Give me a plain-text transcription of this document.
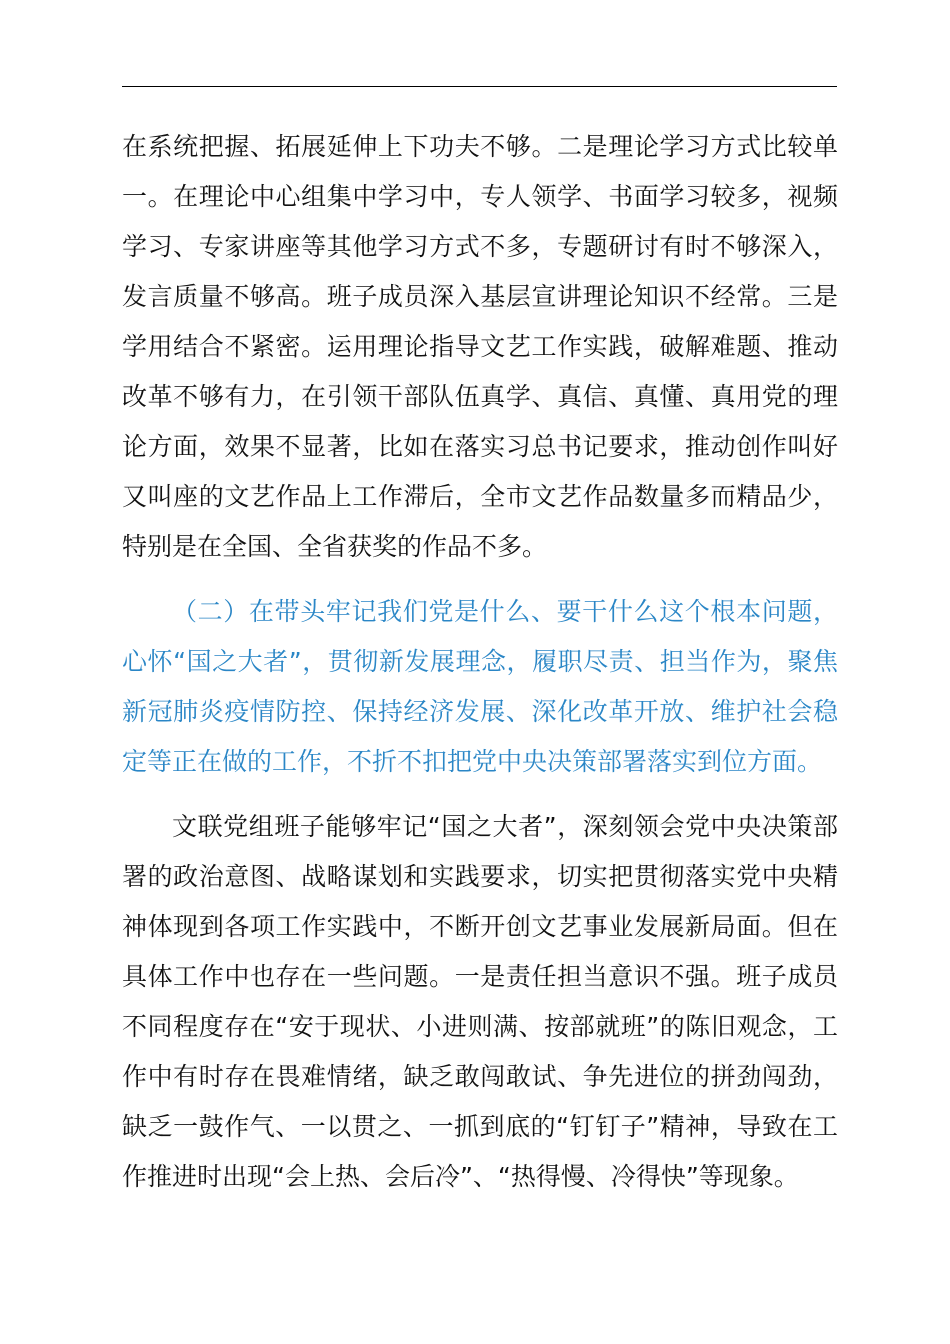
在系统把握、拓展延伸上下功夫不够。二是理论学习方式比较单
一。在理论中心组集中学习中，专人领学、书面学习较多，视频
学习、专家讲座等其他学习方式不多，专题研讨有时不够深入，
发言质量不够高。班子成员深入基层宣讲理论知识不经常。三是
学用结合不紧密。运用理论指导文艺工作实践，破解难题、推动
改革不够有力，在引领干部队伍真学、真信、真懂、真用党的理
论方面，效果不显著，比如在落实习总书记要求，推动创作叫好
又叫座的文艺作品上工作滞后，全市文艺作品数量多而精品少，
特别是在全国、全省获奖的作品不多。

（二）在带头牢记我们党是什么、要干什么这个根本问题，
心怀“国之大者”，贯彻新发展理念，履职尽责、担当作为，聚焦
新冠肺炎疫情防控、保持经济发展、深化改革开放、维护社会稳
定等正在做的工作，不折不扣把党中央决策部署落实到位方面。

文联党组班子能够牢记“国之大者”，深刻领会党中央决策部
署的政治意图、战略谋划和实践要求，切实把贯彻落实党中央精
神体现到各项工作实践中，不断开创文艺事业发展新局面。但在
具体工作中也存在一些问题。一是责任担当意识不强。班子成员
不同程度存在“安于现状、小进则满、按部就班”的陈旧观念，工
作中有时存在畏难情绪，缺乏敢闯敢试、争先进位的拼劲闯劲，
缺乏一鼓作气、一以贯之、一抓到底的“钉钉子”精神，导致在工
作推进时出现“会上热、会后冷”、“热得慢、冷得快”等现象。
